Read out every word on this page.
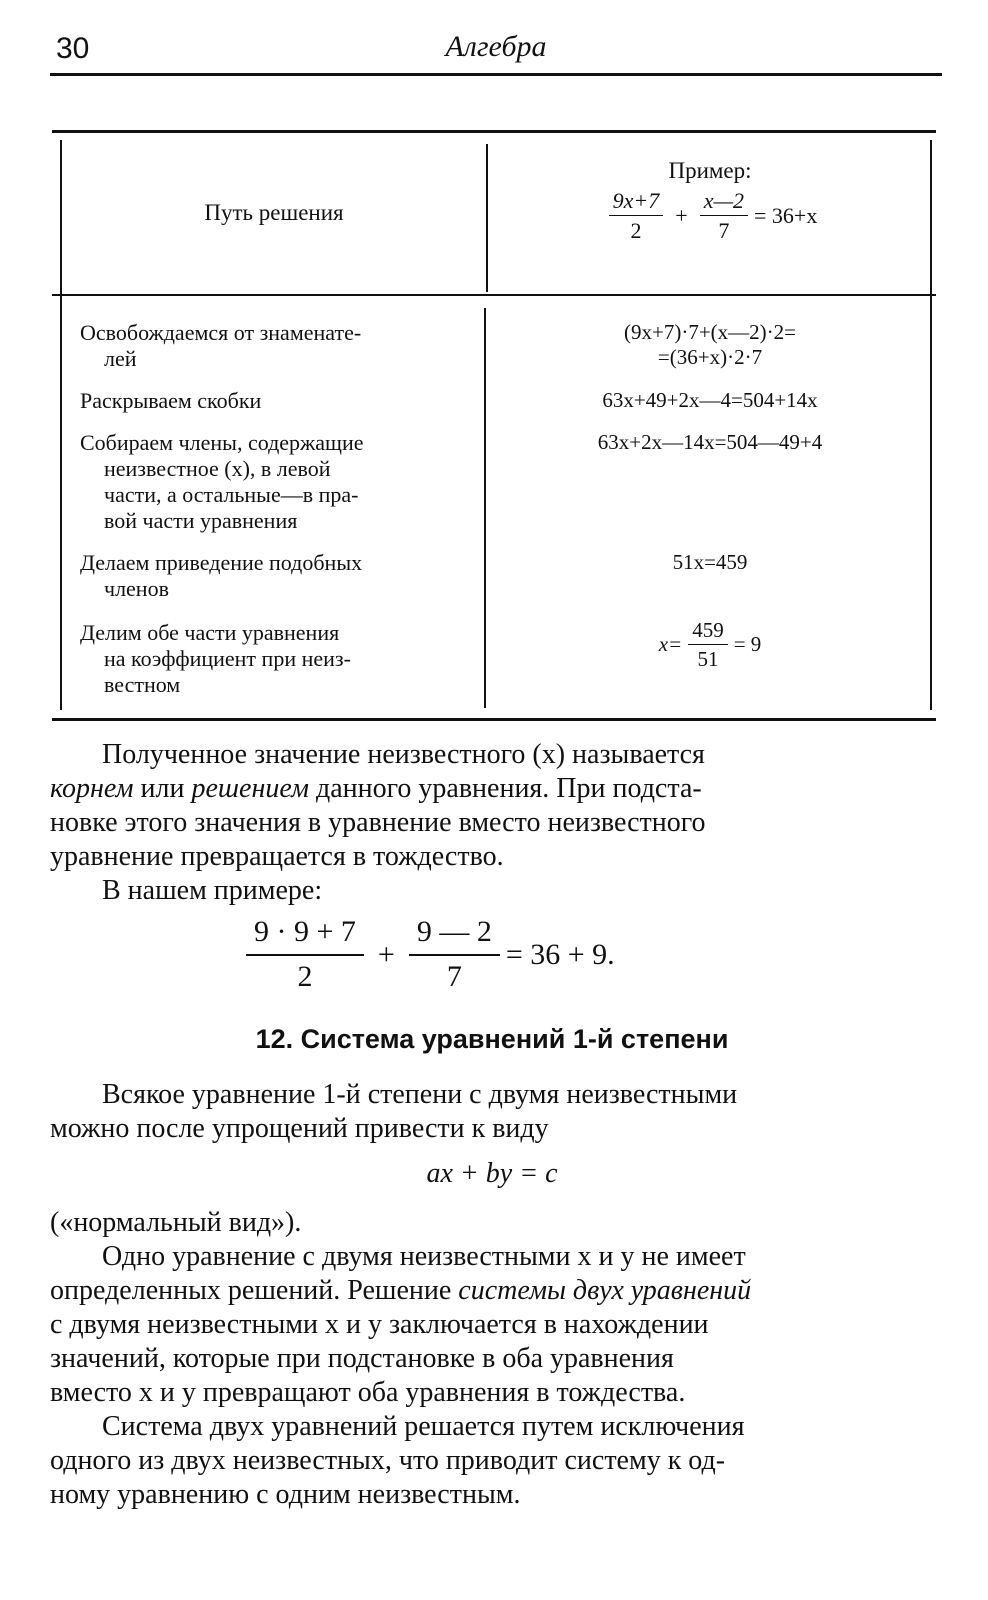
30	Алгебра
Путь решения
Пример:
$\frac{9x+7}{2} + \frac{x—2}{7} = 36+x$
Освобождаемся от знаменате-
лей
(9x+7)·7+(x—2)·2=
=(36+x)·2·7
Раскрываем скобки	63x+49+2x—4=504+14x
Собираем члены, содержащие
неизвестное (x), в левой
части, а остальные—в пра-
вой части уравнения
63x+2x—14x=504—49+4
Делаем приведение подобных
членов
51x=459
Делим обе части уравнения
на коэффициент при неиз-
вестном
$x= \frac{459}{51} = 9$
Полученное значение неизвестного (x) называется
корнем или решением данного уравнения. При подста-
новке этого значения в уравнение вместо неизвестного
уравнение превращается в тождество.
В нашем примере:
$\frac{9 \cdot 9 + 7}{2} + \frac{9 — 2}{7} = 36 + 9$.
12. Система уравнений 1-й степени
Всякое уравнение 1-й степени с двумя неизвестными
можно после упрощений привести к виду
ax + by = c
(«нормальный вид»).
Одно уравнение с двумя неизвестными x и y не имеет
определенных решений. Решение системы двух уравнений
с двумя неизвестными x и y заключается в нахождении
значений, которые при подстановке в оба уравнения
вместо x и y превращают оба уравнения в тождества.
Система двух уравнений решается путем исключения
одного из двух неизвестных, что приводит систему к од-
ному уравнению с одним неизвестным.
